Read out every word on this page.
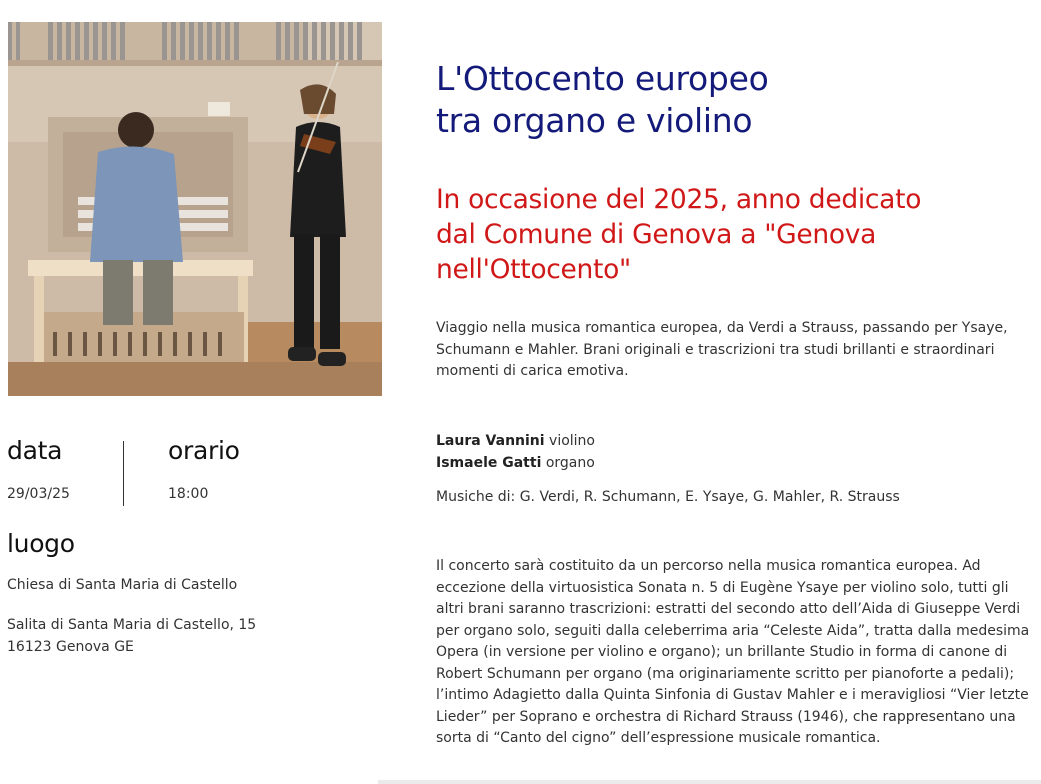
data
29/03/25
orario
18:00
luogo
Chiesa di Santa Maria di Castello
Salita di Santa Maria di Castello, 15
16123 Genova GE
L'Ottocento europeo
tra organo e violino
In occasione del 2025, anno dedicato
dal Comune di Genova a "Genova
nell'Ottocento"

Viaggio nella musica romantica europea, da Verdi a Strauss, passando per Ysaye, Schumann e Mahler. Brani originali e trascrizioni tra studi brillanti e straordinari momenti di carica emotiva.

Laura Vannini violino
Ismaele Gatti organo

Musiche di: G. Verdi, R. Schumann, E. Ysaye, G. Mahler, R. Strauss

Il concerto sarà costituito da un percorso nella musica romantica europea. Ad eccezione della virtuosistica Sonata n. 5 di Eugène Ysaye per violino solo, tutti gli altri brani saranno trascrizioni: estratti del secondo atto dell’Aida di Giuseppe Verdi per organo solo, seguiti dalla celeberrima aria “Celeste Aida”, tratta dalla medesima Opera (in versione per violino e organo); un brillante Studio in forma di canone di Robert Schumann per organo (ma originariamente scritto per pianoforte a pedali); l’intimo Adagietto dalla Quinta Sinfonia di Gustav Mahler e i meravigliosi “Vier letzte Lieder” per Soprano e orchestra di Richard Strauss (1946), che rappresentano una sorta di “Canto del cigno” dell’espressione musicale romantica.
